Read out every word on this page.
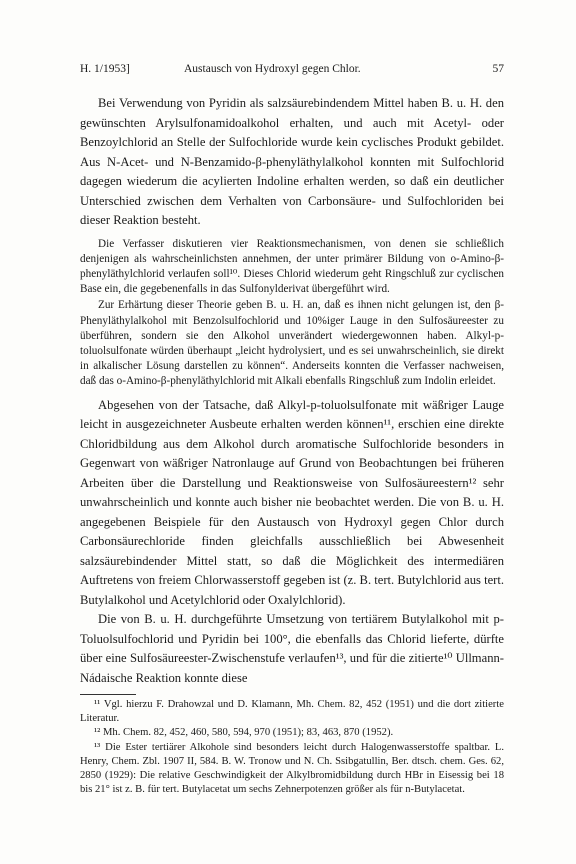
H. 1/1953]	Austausch von Hydroxyl gegen Chlor.	57

Bei Verwendung von Pyridin als salzsäurebindendem Mittel haben B. u. H. den gewünschten Arylsulfonamidoalkohol erhalten, und auch mit Acetyl- oder Benzoylchlorid an Stelle der Sulfochloride wurde kein cyclisches Produkt gebildet. Aus N-Acet- und N-Benzamido-β-phenyläthylalkohol konnten mit Sulfochlorid dagegen wiederum die acylierten Indoline erhalten werden, so daß ein deutlicher Unterschied zwischen dem Verhalten von Carbonsäure- und Sulfochloriden bei dieser Reaktion besteht.

Die Verfasser diskutieren vier Reaktionsmechanismen, von denen sie schließlich denjenigen als wahrscheinlichsten annehmen, der unter primärer Bildung von o-Amino-β-phenyläthylchlorid verlaufen soll¹⁰. Dieses Chlorid wiederum geht Ringschluß zur cyclischen Base ein, die gegebenenfalls in das Sulfonylderivat übergeführt wird.

Zur Erhärtung dieser Theorie geben B. u. H. an, daß es ihnen nicht gelungen ist, den β-Phenyläthylalkohol mit Benzolsulfochlorid und 10%iger Lauge in den Sulfosäureester zu überführen, sondern sie den Alkohol unverändert wiedergewonnen haben. Alkyl-p-toluolsulfonate würden überhaupt „leicht hydrolysiert, und es sei unwahrscheinlich, sie direkt in alkalischer Lösung darstellen zu können“. Anderseits konnten die Verfasser nachweisen, daß das o-Amino-β-phenyläthylchlorid mit Alkali ebenfalls Ringschluß zum Indolin erleidet.

Abgesehen von der Tatsache, daß Alkyl-p-toluolsulfonate mit wäßriger Lauge leicht in ausgezeichneter Ausbeute erhalten werden können¹¹, erschien eine direkte Chloridbildung aus dem Alkohol durch aromatische Sulfochloride besonders in Gegenwart von wäßriger Natronlauge auf Grund von Beobachtungen bei früheren Arbeiten über die Darstellung und Reaktionsweise von Sulfosäureestern¹² sehr unwahrscheinlich und konnte auch bisher nie beobachtet werden. Die von B. u. H. angegebenen Beispiele für den Austausch von Hydroxyl gegen Chlor durch Carbonsäurechloride finden gleichfalls ausschließlich bei Abwesenheit salzsäurebindender Mittel statt, so daß die Möglichkeit des intermediären Auftretens von freiem Chlorwasserstoff gegeben ist (z. B. tert. Butylchlorid aus tert. Butylalkohol und Acetylchlorid oder Oxalylchlorid).

Die von B. u. H. durchgeführte Umsetzung von tertiärem Butylalkohol mit p-Toluolsulfochlorid und Pyridin bei 100°, die ebenfalls das Chlorid lieferte, dürfte über eine Sulfosäureester-Zwischenstufe verlaufen¹³, und für die zitierte¹⁰ Ullmann-Nádaische Reaktion konnte diese

¹¹ Vgl. hierzu F. Drahowzal und D. Klamann, Mh. Chem. 82, 452 (1951) und die dort zitierte Literatur.

¹² Mh. Chem. 82, 452, 460, 580, 594, 970 (1951); 83, 463, 870 (1952).

¹³ Die Ester tertiärer Alkohole sind besonders leicht durch Halogenwasserstoffe spaltbar. L. Henry, Chem. Zbl. 1907 II, 584. B. W. Tronow und N. Ch. Ssibgatullin, Ber. dtsch. chem. Ges. 62, 2850 (1929): Die relative Geschwindigkeit der Alkylbromidbildung durch HBr in Eisessig bei 18 bis 21° ist z. B. für tert. Butylacetat um sechs Zehnerpotenzen größer als für n-Butylacetat.
